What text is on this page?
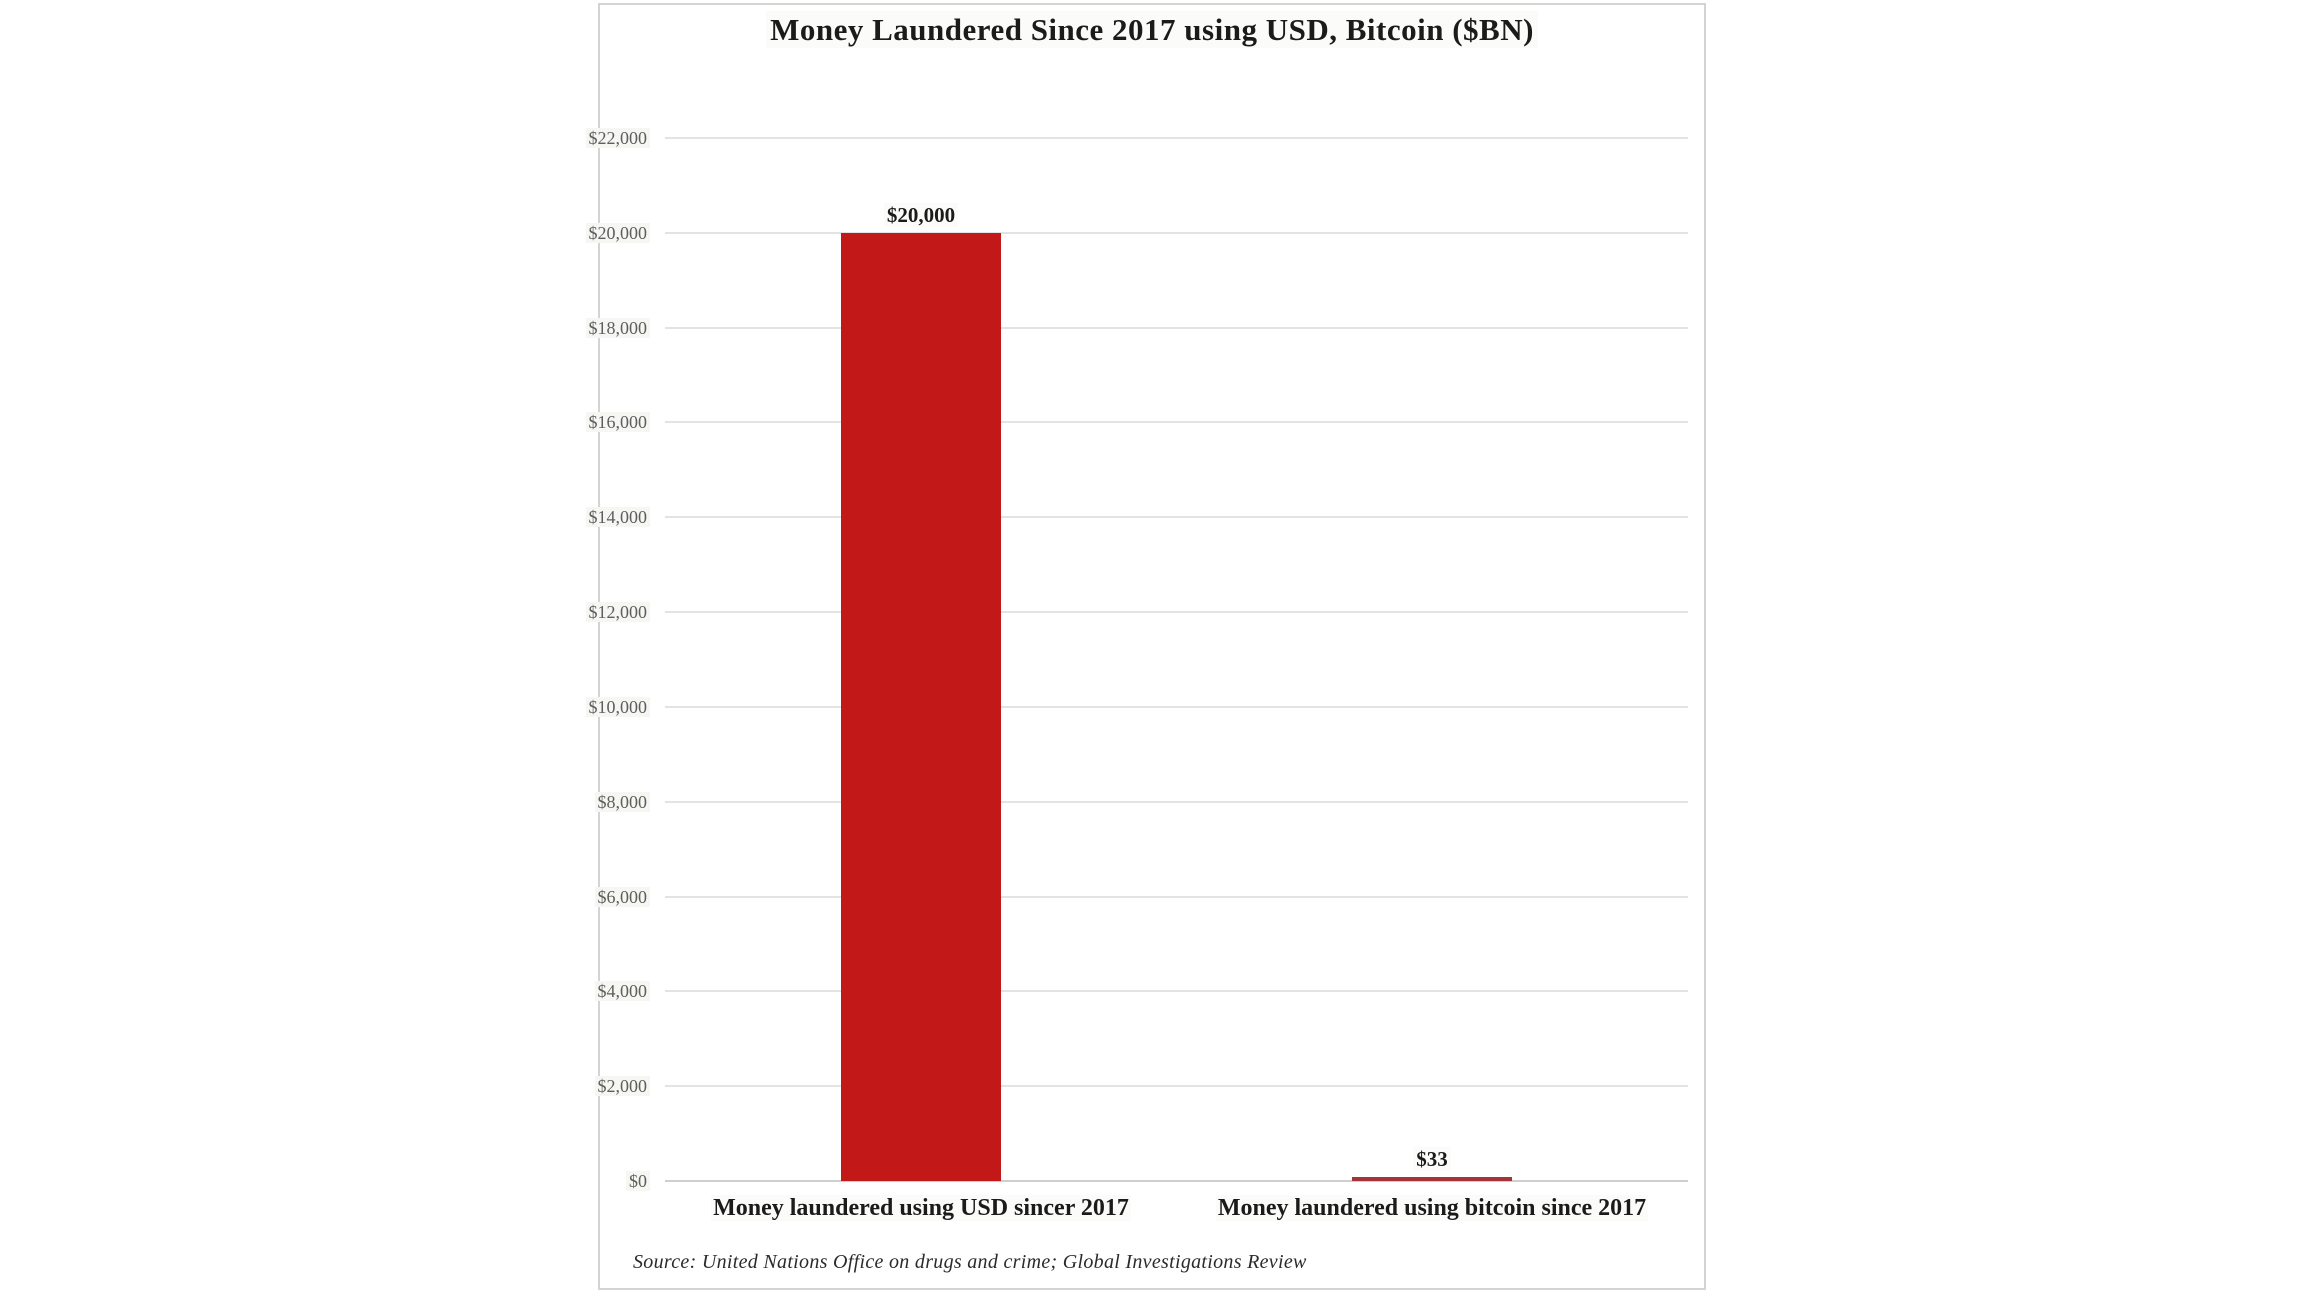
Money Laundered Since 2017 using USD, Bitcoin ($BN)
Source: United Nations Office on drugs and crime; Global Investigations Review
$0
$2,000
$4,000
$6,000
$8,000
$10,000
$12,000
$14,000
$16,000
$18,000
$20,000
$22,000
$20,000
Money laundered using USD sincer 2017
$33
Money laundered using bitcoin since 2017
